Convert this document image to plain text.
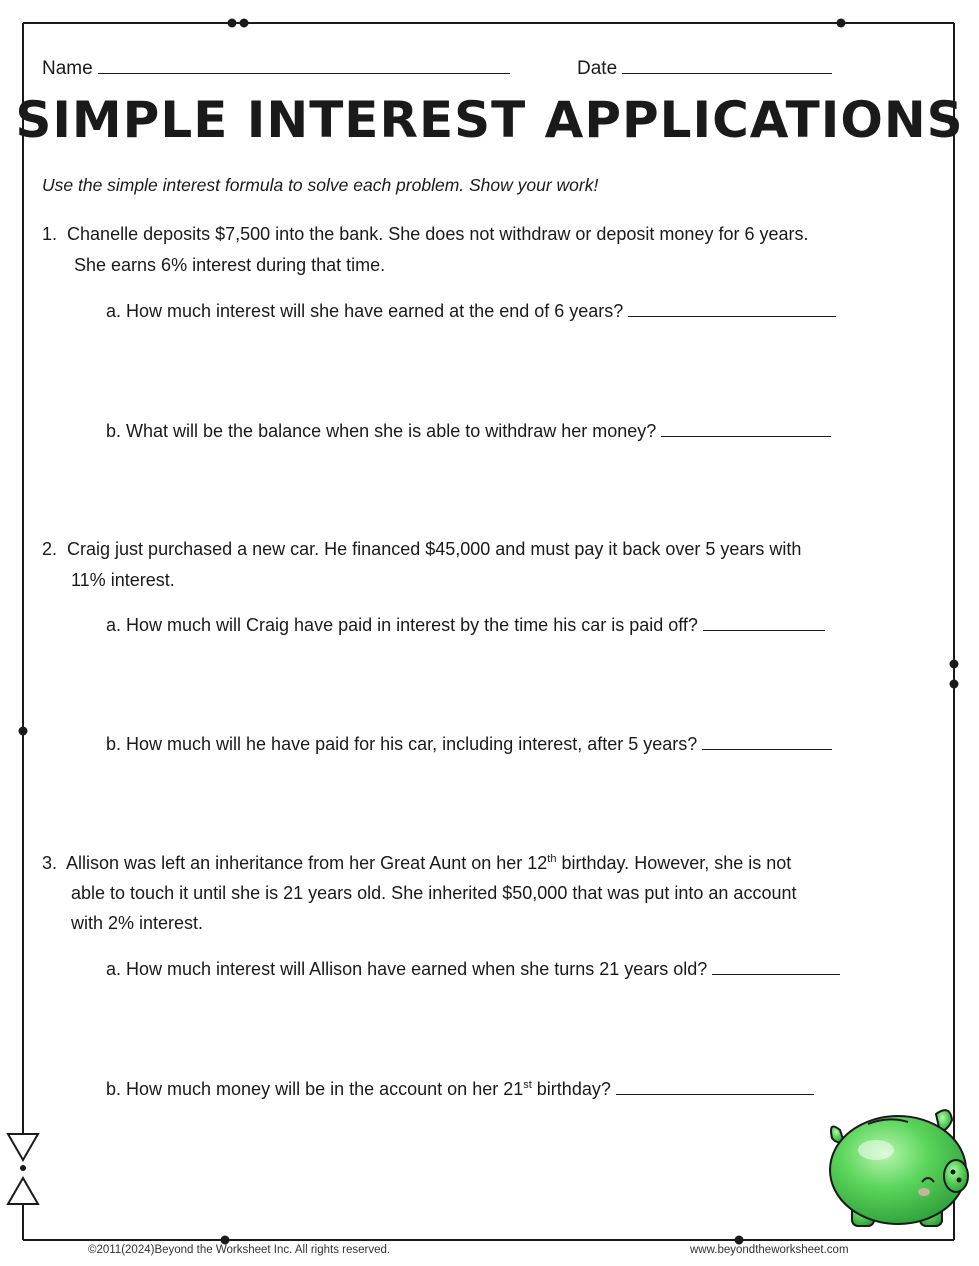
Name	Date
SIMPLE INTEREST APPLICATIONS
Use the simple interest formula to solve each problem. Show your work!
1. Chanelle deposits $7,500 into the bank. She does not withdraw or deposit money for 6 years.
She earns 6% interest during that time.
a. How much interest will she have earned at the end of 6 years?
b. What will be the balance when she is able to withdraw her money?
2. Craig just purchased a new car. He financed $45,000 and must pay it back over 5 years with
11% interest.
a. How much will Craig have paid in interest by the time his car is paid off?
b. How much will he have paid for his car, including interest, after 5 years?
3. Allison was left an inheritance from her Great Aunt on her 12th birthday. However, she is not
able to touch it until she is 21 years old. She inherited $50,000 that was put into an account
with 2% interest.
a. How much interest will Allison have earned when she turns 21 years old?
b. How much money will be in the account on her 21st birthday?
©2011(2024)Beyond the Worksheet Inc. All rights reserved.	www.beyondtheworksheet.com
